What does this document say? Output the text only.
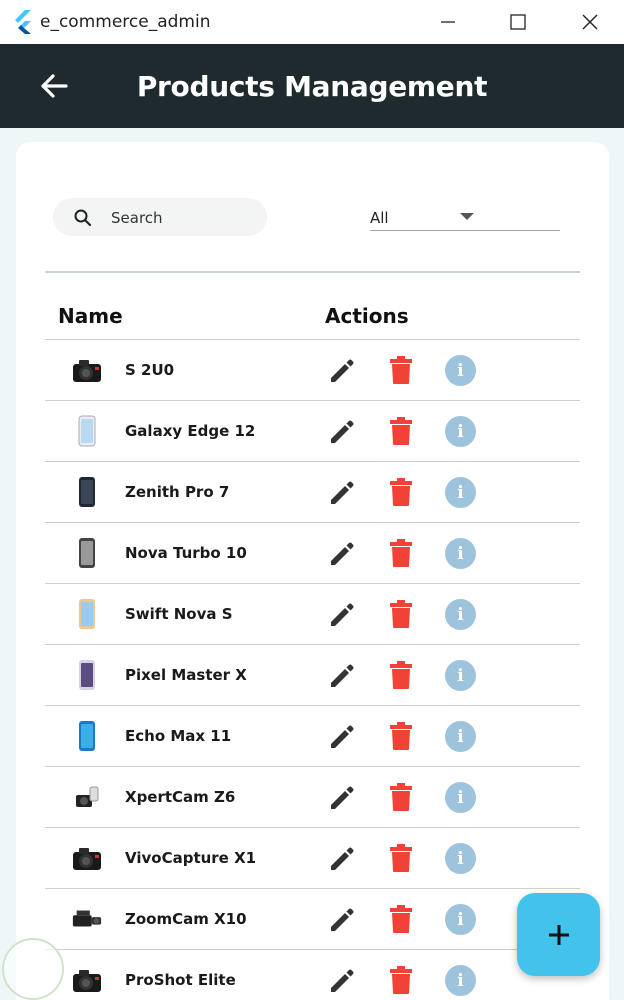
e_commerce_admin
Products Management
Search
All
Name	Actions
S 2U0	i
Galaxy Edge 12	i
Zenith Pro 7	i
Nova Turbo 10	i
Swift Nova S	i
Pixel Master X	i
Echo Max 11	i
XpertCam Z6	i
VivoCapture X1	i
ZoomCam X10	i
ProShot Elite	i
